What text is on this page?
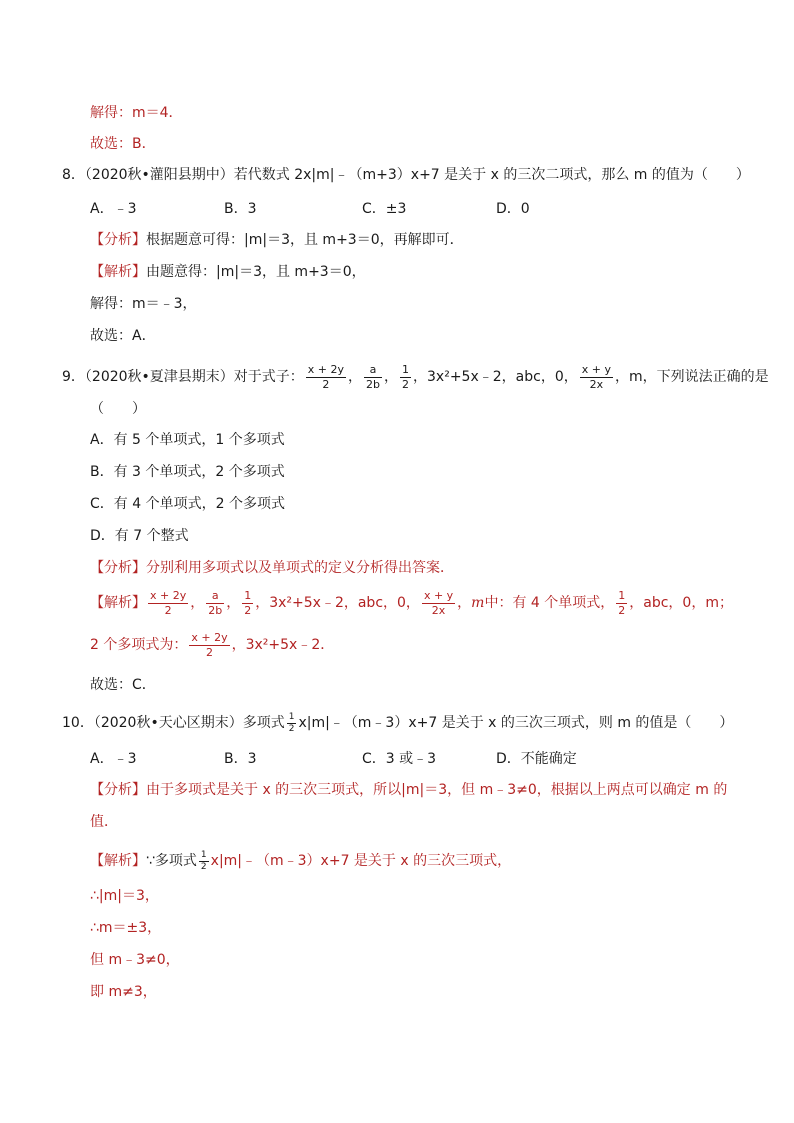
解得：m＝4．
故选：B．
8．（2020秋•灌阳县期中）若代数式 2x|m|﹣（m+3）x+7 是关于 x 的三次二项式，那么 m 的值为（　　）
A．﹣3	B．3	C．±3	D．0
【分析】根据题意可得：|m|＝3，且 m+3＝0，再解即可．
【解析】由题意得：|m|＝3，且 m+3＝0，
解得：m＝﹣3，
故选：A．
9．（2020秋•夏津县期末）对于式子： $\frac{x + 2y}{2}$ ， $\frac{a}{2b}$ ， $\frac{1}{2}$ ，3x²+5x﹣2，abc，0， $\frac{x + y}{2x}$ ，m，下列说法正确的是
（　　）
A．有 5 个单项式，1 个多项式
B．有 3 个单项式，2 个多项式
C．有 4 个单项式，2 个多项式
D．有 7 个整式
【分析】分别利用多项式以及单项式的定义分析得出答案．
【解析】 $\frac{x + 2y}{2}$ ， $\frac{a}{2b}$ ， $\frac{1}{2}$ ，3x²+5x﹣2，abc，0， $\frac{x + y}{2x}$ ，m中：有 4 个单项式， $\frac{1}{2}$ ，abc，0，m；
2 个多项式为： $\frac{x + 2y}{2}$ ，3x²+5x﹣2．
故选：C．
10．（2020秋•天心区期末）多项式 $\frac{1}{2}$ x|m|﹣（m﹣3）x+7 是关于 x 的三次三项式，则 m 的值是（　　）
A．﹣3	B．3	C．3 或﹣3	D．不能确定
【分析】由于多项式是关于 x 的三次三项式，所以|m|＝3，但 m﹣3≠0，根据以上两点可以确定 m 的
值．
【解析】∵多项式 $\frac{1}{2}$ x|m|﹣（m﹣3）x+7 是关于 x 的三次三项式，
∴|m|＝3，
∴m＝±3，
但 m﹣3≠0，
即 m≠3，
